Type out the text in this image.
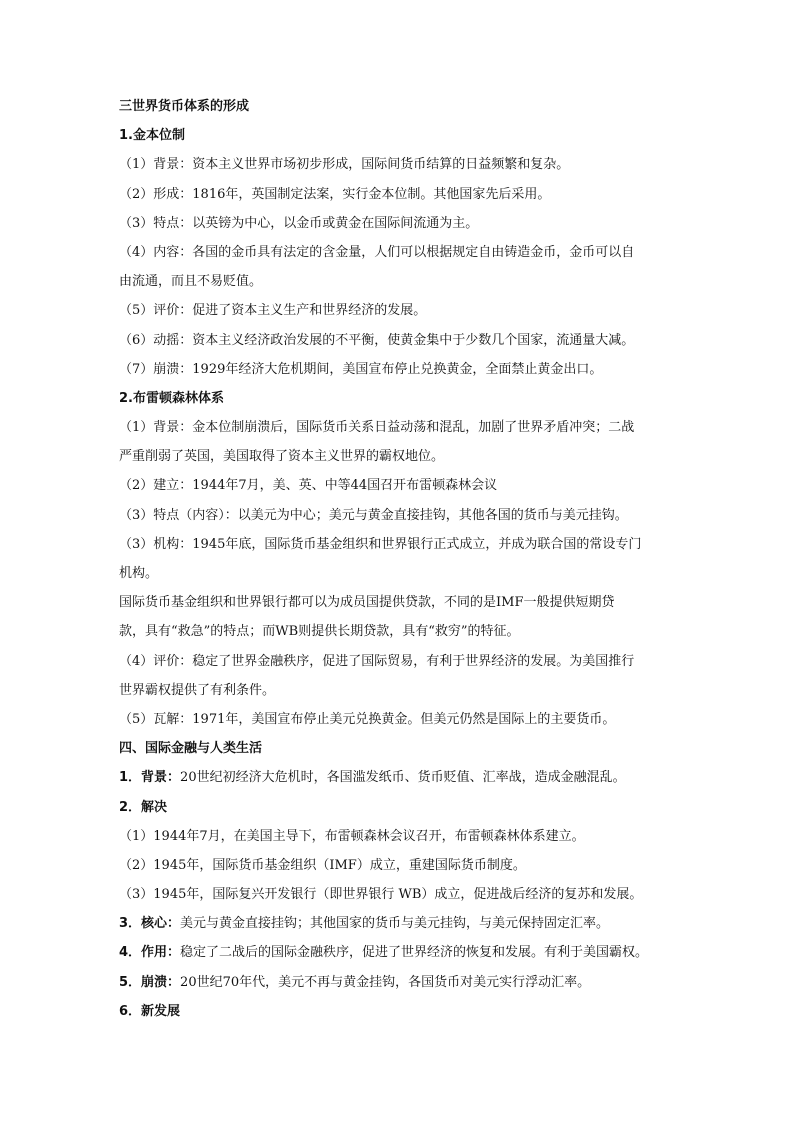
三世界货币体系的形成
1.金本位制
（1）背景：资本主义世界市场初步形成，国际间货币结算的日益频繁和复杂。
（2）形成：1816年，英国制定法案，实行金本位制。其他国家先后采用。
（3）特点：以英镑为中心，以金币或黄金在国际间流通为主。
（4）内容：各国的金币具有法定的含金量，人们可以根据规定自由铸造金币，金币可以自
由流通，而且不易贬值。
（5）评价：促进了资本主义生产和世界经济的发展。
（6）动摇：资本主义经济政治发展的不平衡，使黄金集中于少数几个国家，流通量大减。
（7）崩溃：1929年经济大危机期间，美国宣布停止兑换黄金，全面禁止黄金出口。
2.布雷顿森林体系
（1）背景：金本位制崩溃后，国际货币关系日益动荡和混乱，加剧了世界矛盾冲突；二战
严重削弱了英国，美国取得了资本主义世界的霸权地位。
（2）建立：1944年7月，美、英、中等44国召开布雷顿森林会议
（3）特点（内容）：以美元为中心；美元与黄金直接挂钩，其他各国的货币与美元挂钩。
（3）机构：1945年底，国际货币基金组织和世界银行正式成立，并成为联合国的常设专门
机构。
国际货币基金组织和世界银行都可以为成员国提供贷款，不同的是IMF一般提供短期贷
款，具有“救急”的特点；而WB则提供长期贷款，具有“救穷”的特征。
（4）评价：稳定了世界金融秩序，促进了国际贸易，有利于世界经济的发展。为美国推行
世界霸权提供了有利条件。
（5）瓦解：1971年，美国宣布停止美元兑换黄金。但美元仍然是国际上的主要货币。
四、国际金融与人类生活
1．背景：20世纪初经济大危机时，各国滥发纸币、货币贬值、汇率战，造成金融混乱。
2．解决
（1）1944年7月，在美国主导下，布雷顿森林会议召开，布雷顿森林体系建立。
（2）1945年，国际货币基金组织（IMF）成立，重建国际货币制度。
（3）1945年，国际复兴开发银行（即世界银行 WB）成立，促进战后经济的复苏和发展。
3．核心：美元与黄金直接挂钩；其他国家的货币与美元挂钩，与美元保持固定汇率。
4．作用：稳定了二战后的国际金融秩序，促进了世界经济的恢复和发展。有利于美国霸权。
5．崩溃：20世纪70年代，美元不再与黄金挂钩，各国货币对美元实行浮动汇率。
6．新发展
